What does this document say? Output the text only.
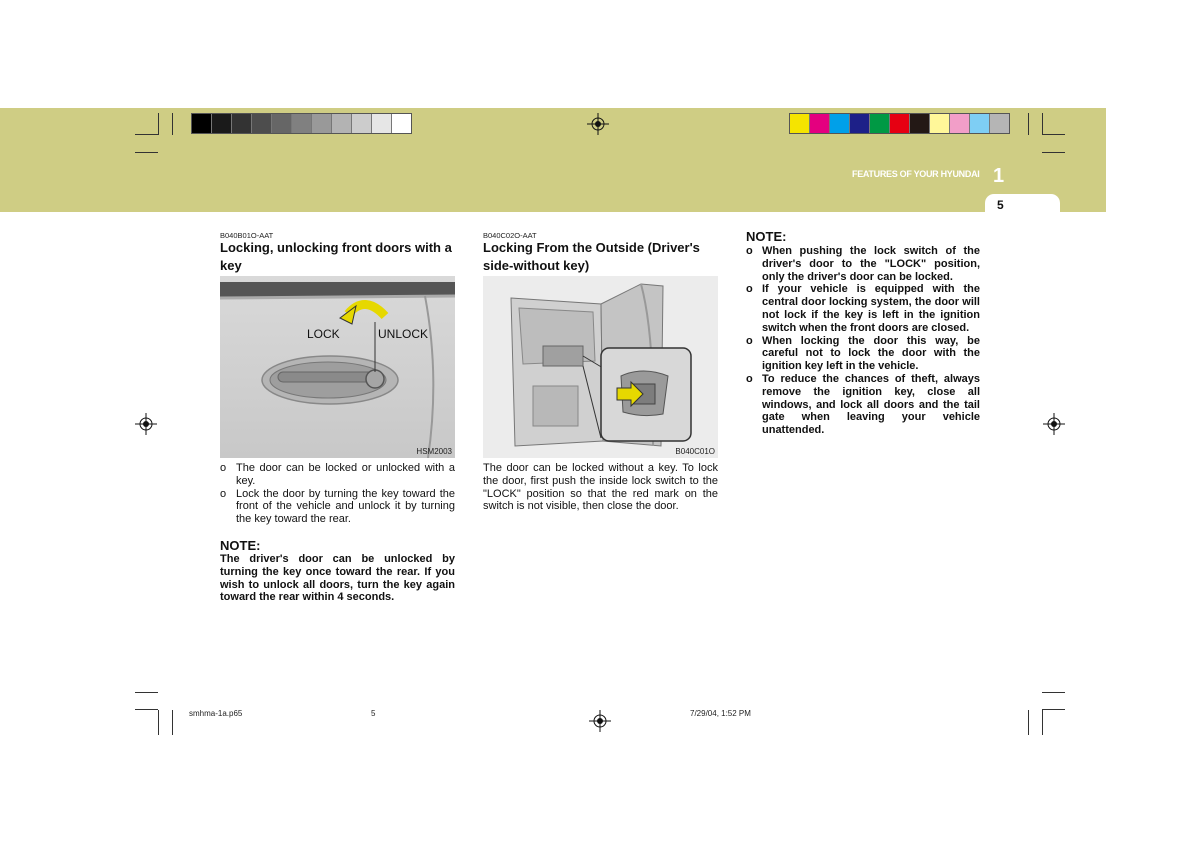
FEATURES OF YOUR HYUNDAI 1
5
B040B01O-AAT
Locking, unlocking front doors with a key
LOCK	UNLOCK
HSM2003
o The door can be locked or unlocked with a key.
o Lock the door by turning the key toward the front of the vehicle and unlock it by turning the key toward the rear.
NOTE:
The driver's door can be unlocked by turning the key once toward the rear. If you wish to unlock all doors, turn the key again toward the rear within 4 seconds.
B040C02O-AAT
Locking From the Outside (Driver's side-without key)
B040C01O
The door can be locked without a key. To lock the door, first push the inside lock switch to the "LOCK" position so that the red mark on the switch is not visible, then close the door.
NOTE:
o When pushing the lock switch of the driver's door to the "LOCK" position, only the driver's door can be locked.
o If your vehicle is equipped with the central door locking system, the door will not lock if the key is left in the ignition switch when the front doors are closed.
o When locking the door this way, be careful not to lock the door with the ignition key left in the vehicle.
o To reduce the chances of theft, always remove the ignition key, close all windows, and lock all doors and the tail gate when leaving your vehicle unattended.
smhma-1a.p65	5	7/29/04, 1:52 PM
